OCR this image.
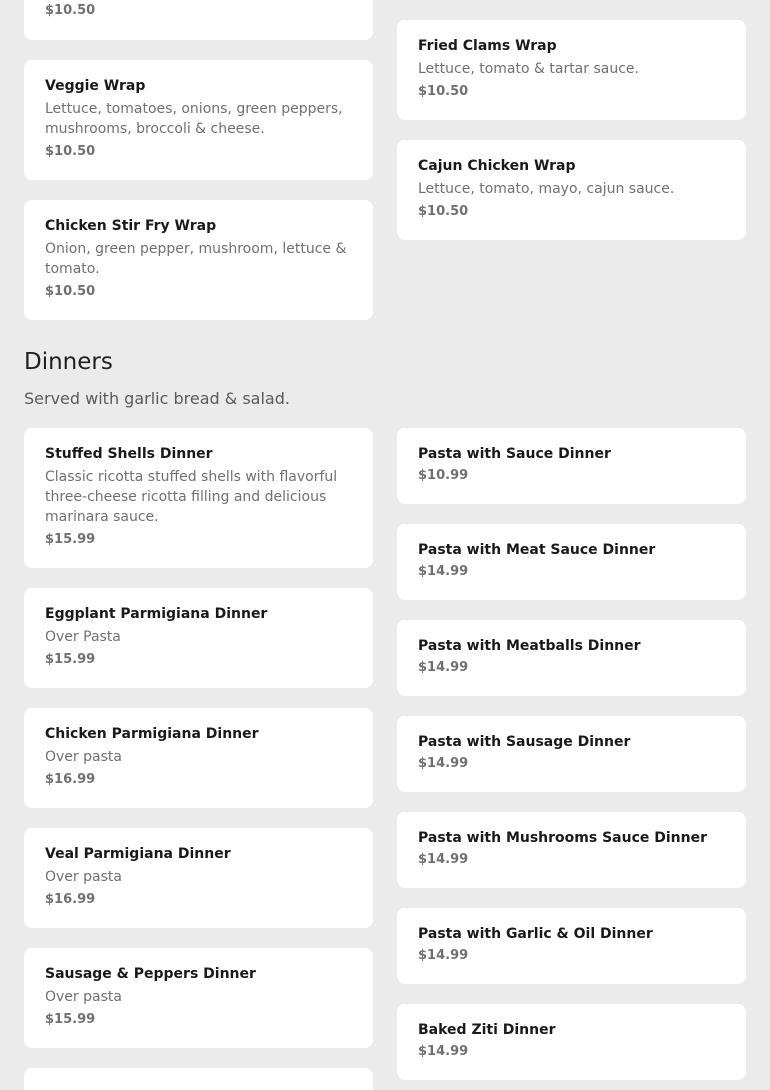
$10.50
Veggie Wrap
Lettuce, tomatoes, onions, green peppers, mushrooms, broccoli & cheese.
$10.50
Chicken Stir Fry Wrap
Onion, green pepper, mushroom, lettuce & tomato.
$10.50
Fried Clams Wrap
Lettuce, tomato & tartar sauce.
$10.50
Cajun Chicken Wrap
Lettuce, tomato, mayo, cajun sauce.
$10.50
Dinners

Served with garlic bread & salad.

Stuffed Shells Dinner
Classic ricotta stuffed shells with flavorful three-cheese ricotta filling and delicious marinara sauce.
$15.99
Eggplant Parmigiana Dinner
Over Pasta
$15.99
Chicken Parmigiana Dinner
Over pasta
$16.99
Veal Parmigiana Dinner
Over pasta
$16.99
Sausage & Peppers Dinner
Over pasta
$15.99
Pasta with Sauce Dinner
$10.99
Pasta with Meat Sauce Dinner
$14.99
Pasta with Meatballs Dinner
$14.99
Pasta with Sausage Dinner
$14.99
Pasta with Mushrooms Sauce Dinner
$14.99
Pasta with Garlic & Oil Dinner
$14.99
Baked Ziti Dinner
$14.99
